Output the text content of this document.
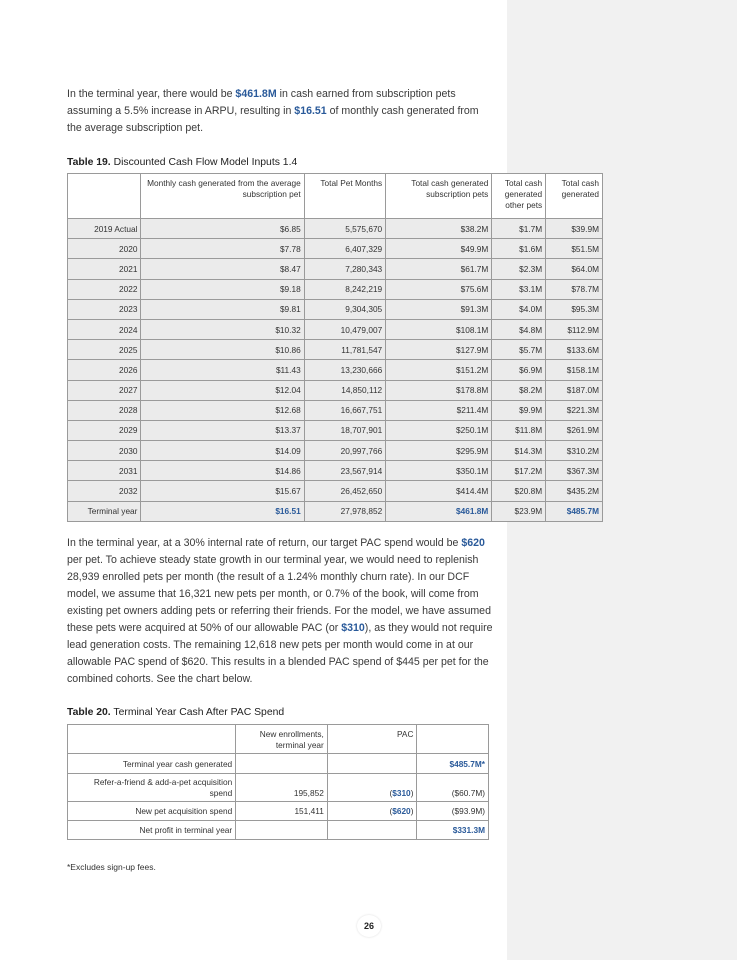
In the terminal year, there would be $461.8M in cash earned from subscription pets assuming a 5.5% increase in ARPU, resulting in $16.51 of monthly cash generated from the average subscription pet.

Table 19. Discounted Cash Flow Model Inputs 1.4
	Monthly cash generated from the average subscription pet	Total Pet Months	Total cash generated subscription pets	Total cash generated other pets	Total cash generated
2019 Actual	$6.85	5,575,670	$38.2M	$1.7M	$39.9M
2020	$7.78	6,407,329	$49.9M	$1.6M	$51.5M
2021	$8.47	7,280,343	$61.7M	$2.3M	$64.0M
2022	$9.18	8,242,219	$75.6M	$3.1M	$78.7M
2023	$9.81	9,304,305	$91.3M	$4.0M	$95.3M
2024	$10.32	10,479,007	$108.1M	$4.8M	$112.9M
2025	$10.86	11,781,547	$127.9M	$5.7M	$133.6M
2026	$11.43	13,230,666	$151.2M	$6.9M	$158.1M
2027	$12.04	14,850,112	$178.8M	$8.2M	$187.0M
2028	$12.68	16,667,751	$211.4M	$9.9M	$221.3M
2029	$13.37	18,707,901	$250.1M	$11.8M	$261.9M
2030	$14.09	20,997,766	$295.9M	$14.3M	$310.2M
2031	$14.86	23,567,914	$350.1M	$17.2M	$367.3M
2032	$15.67	26,452,650	$414.4M	$20.8M	$435.2M
Terminal year	$16.51	27,978,852	$461.8M	$23.9M	$485.7M

In the terminal year, at a 30% internal rate of return, our target PAC spend would be $620 per pet. To achieve steady state growth in our terminal year, we would need to replenish 28,939 enrolled pets per month (the result of a 1.24% monthly churn rate). In our DCF model, we assume that 16,321 new pets per month, or 0.7% of the book, will come from existing pet owners adding pets or referring their friends. For the model, we have assumed these pets were acquired at 50% of our allowable PAC (or $310), as they would not require lead generation costs. The remaining 12,618 new pets per month would come in at our allowable PAC spend of $620. This results in a blended PAC spend of $445 per pet for the combined cohorts. See the chart below.

Table 20. Terminal Year Cash After PAC Spend
	New enrollments, terminal year	PAC	
Terminal year cash generated			$485.7M*
Refer-a-friend & add-a-pet acquisition spend	195,852	($310)	($60.7M)
New pet acquisition spend	151,411	($620)	($93.9M)
Net profit in terminal year			$331.3M
*Excludes sign-up fees.
26
